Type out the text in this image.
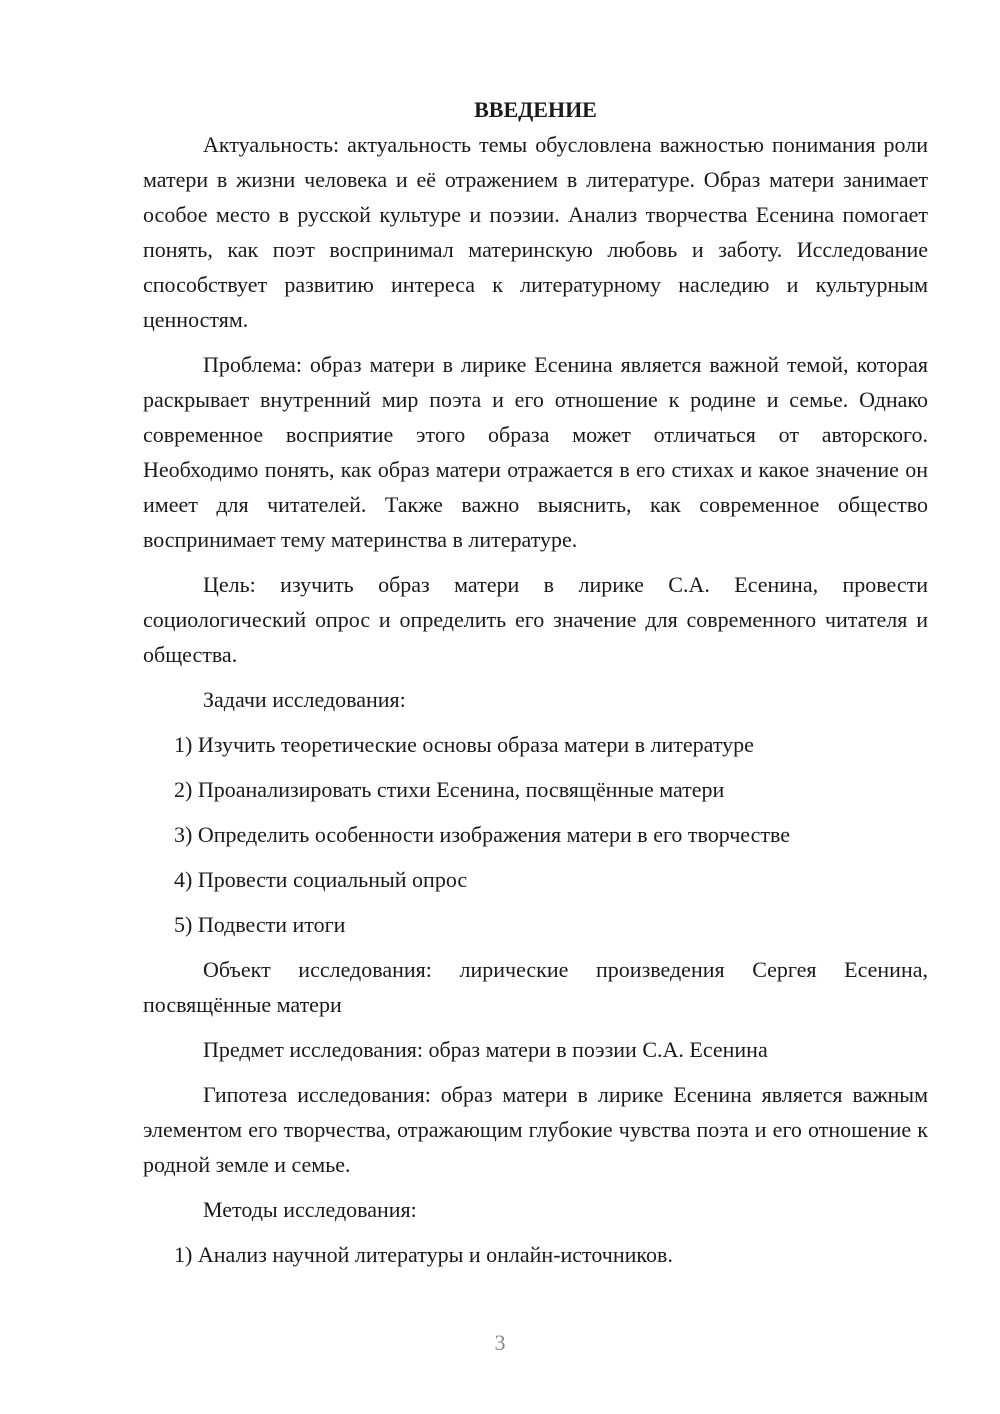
ВВЕДЕНИЕ

Актуальность: актуальность темы обусловлена важностью понимания роли матери в жизни человека и её отражением в литературе. Образ матери занимает особое место в русской культуре и поэзии. Анализ творчества Есенина помогает понять, как поэт воспринимал материнскую любовь и заботу. Исследование способствует развитию интереса к литературному наследию и культурным ценностям.

Проблема: образ матери в лирике Есенина является важной темой, которая раскрывает внутренний мир поэта и его отношение к родине и семье. Однако современное восприятие этого образа может отличаться от авторского. Необходимо понять, как образ матери отражается в его стихах и какое значение он имеет для читателей. Также важно выяснить, как современное общество воспринимает тему материнства в литературе.

Цель: изучить образ матери в лирике С.А. Есенина, провести социологический опрос и определить его значение для современного читателя и общества.

Задачи исследования:
1) Изучить теоретические основы образа матери в литературе
2) Проанализировать стихи Есенина, посвящённые матери
3) Определить особенности изображения матери в его творчестве
4) Провести социальный опрос
5) Подвести итоги

Объект исследования: лирические произведения Сергея Есенина, посвящённые матери

Предмет исследования: образ матери в поэзии С.А. Есенина

Гипотеза исследования: образ матери в лирике Есенина является важным элементом его творчества, отражающим глубокие чувства поэта и его отношение к родной земле и семье.

Методы исследования:
1) Анализ научной литературы и онлайн-источников.
3
